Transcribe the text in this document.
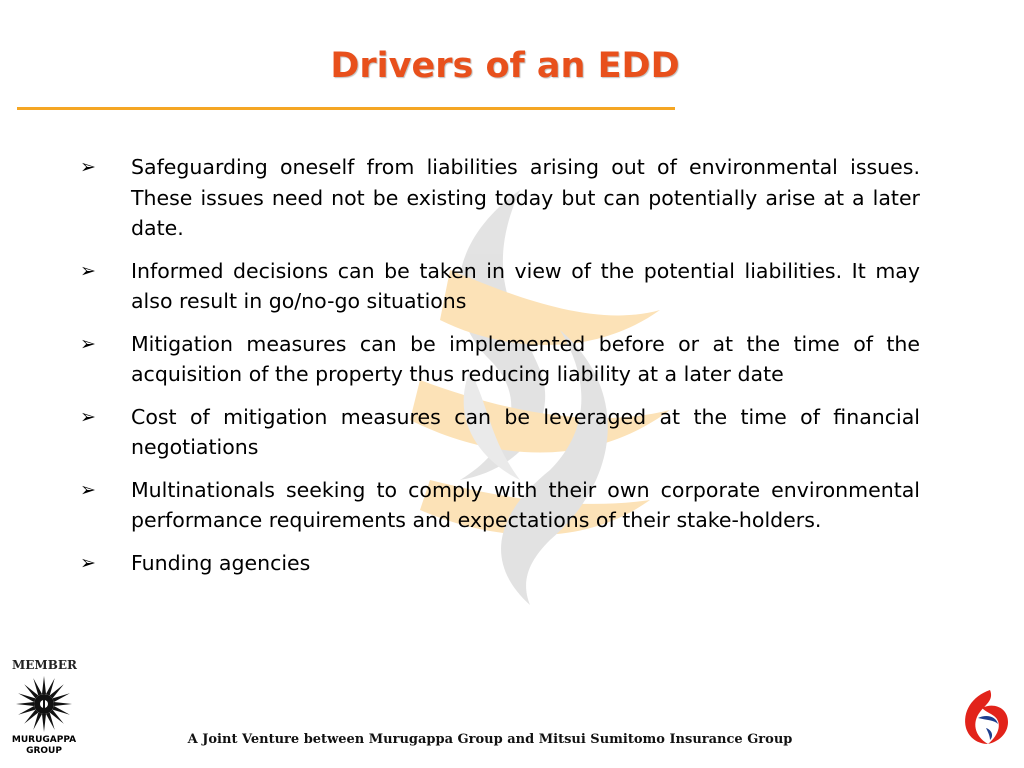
Drivers of an EDD
➢ Safeguarding oneself from liabilities arising out of environmental issues. These issues need not be existing today but can potentially arise at a later date.
➢ Informed decisions can be taken in view of the potential liabilities. It may also result in go/no-go situations
➢ Mitigation measures can be implemented before or at the time of the acquisition of the property thus reducing liability at a later date
➢ Cost of mitigation measures can be leveraged at the time of financial negotiations
➢ Multinationals seeking to comply with their own corporate environmental performance requirements and expectations of their stake-holders.
➢ Funding agencies
MEMBER
MURUGAPPA
GROUP
A Joint Venture between Murugappa Group and Mitsui Sumitomo Insurance Group
